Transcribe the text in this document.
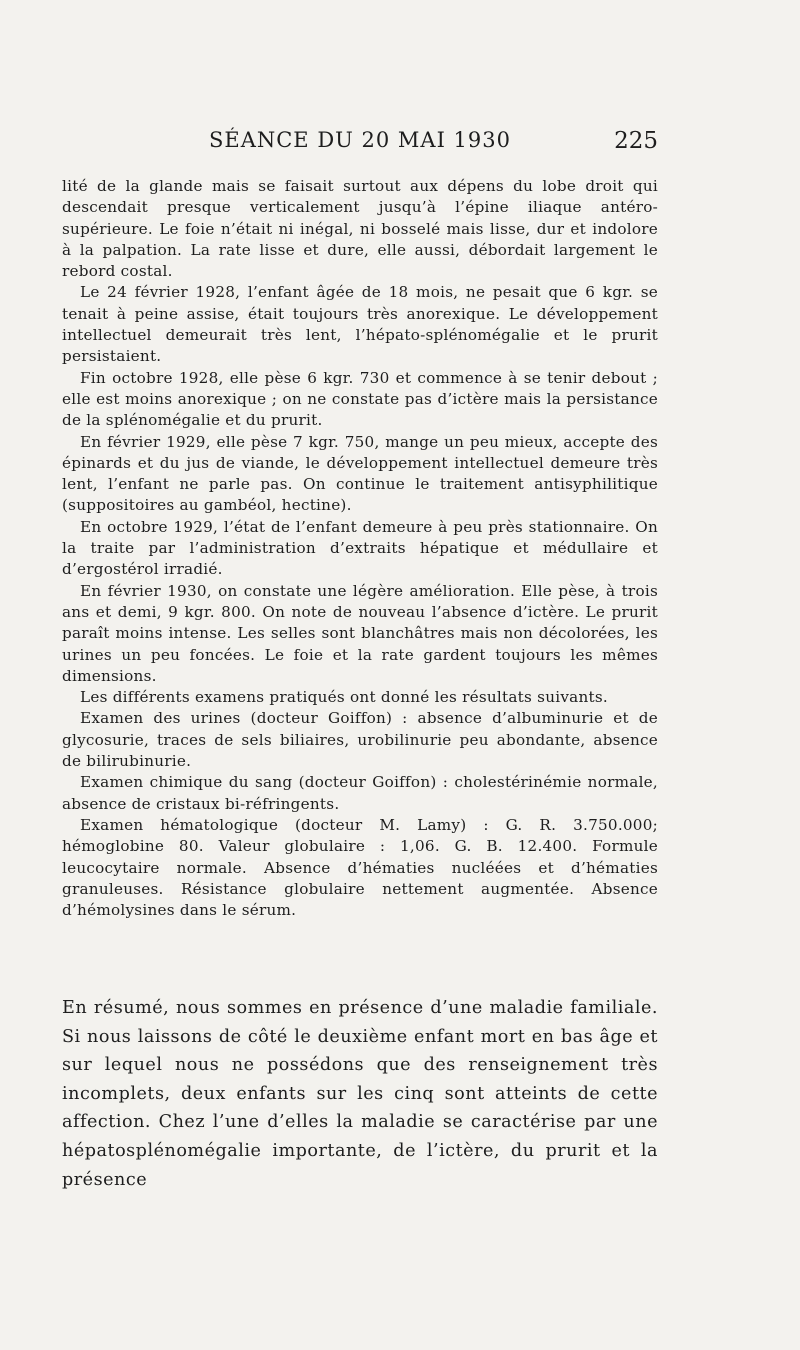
SÉANCE DU 20 MAI 1930	225

lité de la glande mais se faisait surtout aux dépens du lobe droit qui descendait presque verticalement jusqu’à l’épine iliaque antéro-supérieure. Le foie n’était ni inégal, ni bosselé mais lisse, dur et indolore à la palpation. La rate lisse et dure, elle aussi, débordait largement le rebord costal.

Le 24 février 1928, l’enfant âgée de 18 mois, ne pesait que 6 kgr. se tenait à peine assise, était toujours très anorexique. Le développement intellectuel demeurait très lent, l’hépato-splénomégalie et le prurit persistaient.

Fin octobre 1928, elle pèse 6 kgr. 730 et commence à se tenir debout ; elle est moins anorexique ; on ne constate pas d’ictère mais la persistance de la splénomégalie et du prurit.

En février 1929, elle pèse 7 kgr. 750, mange un peu mieux, accepte des épinards et du jus de viande, le développement intellectuel demeure très lent, l’enfant ne parle pas. On continue le traitement antisyphilitique (suppositoires au gambéol, hectine).

En octobre 1929, l’état de l’enfant demeure à peu près stationnaire. On la traite par l’administration d’extraits hépatique et médullaire et d’ergostérol irradié.

En février 1930, on constate une légère amélioration. Elle pèse, à trois ans et demi, 9 kgr. 800. On note de nouveau l’absence d’ictère. Le prurit paraît moins intense. Les selles sont blanchâtres mais non décolorées, les urines un peu foncées. Le foie et la rate gardent toujours les mêmes dimensions.

Les différents examens pratiqués ont donné les résultats suivants.

Examen des urines (docteur Goiffon) : absence d’albuminurie et de glycosurie, traces de sels biliaires, urobilinurie peu abondante, absence de bilirubinurie.

Examen chimique du sang (docteur Goiffon) : cholestérinémie normale, absence de cristaux bi-réfringents.

Examen hématologique (docteur M. Lamy) : G. R. 3.750.000; hémoglobine 80. Valeur globulaire : 1,06. G. B. 12.400. Formule leucocytaire normale. Absence d’hématies nucléées et d’hématies granuleuses. Résistance globulaire nettement augmentée. Absence d’hémolysines dans le sérum.

En résumé, nous sommes en présence d’une maladie familiale. Si nous laissons de côté le deuxième enfant mort en bas âge et sur lequel nous ne possédons que des renseignement très incomplets, deux enfants sur les cinq sont atteints de cette affection. Chez l’une d’elles la maladie se caractérise par une hépatosplénomégalie importante, de l’ictère, du prurit et la présence
